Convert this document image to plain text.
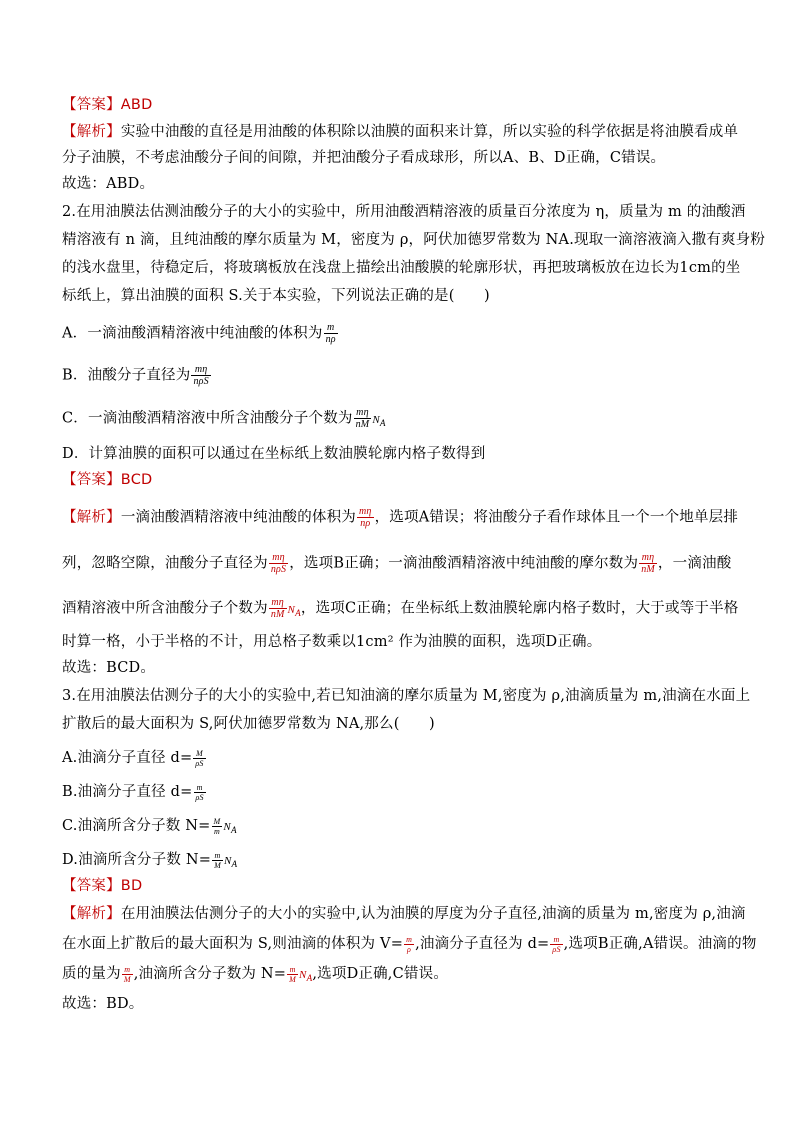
【答案】ABD
【解析】实验中油酸的直径是用油酸的体积除以油膜的面积来计算，所以实验的科学依据是将油膜看成单
分子油膜，不考虑油酸分子间的间隙，并把油酸分子看成球形，所以A、B、D正确，C错误。
故选：ABD。
2.在用油膜法估测油酸分子的大小的实验中，所用油酸酒精溶液的质量百分浓度为 η，质量为 m 的油酸酒
精溶液有 n 滴，且纯油酸的摩尔质量为 M，密度为 ρ，阿伏加德罗常数为 NA.现取一滴溶液滴入撒有爽身粉
的浅水盘里，待稳定后，将玻璃板放在浅盘上描绘出油酸膜的轮廓形状，再把玻璃板放在边长为1cm的坐
标纸上，算出油膜的面积 S.关于本实验，下列说法正确的是(　　)
A．一滴油酸酒精溶液中纯油酸的体积为 $\frac{m}{n\rho}$
B．油酸分子直径为 $\frac{m\eta}{\text{nρS}}$
C．一滴油酸酒精溶液中所含油酸分子个数为 $\frac{m\eta}{nM} N_A$
D．计算油膜的面积可以通过在坐标纸上数油膜轮廓内格子数得到
【答案】BCD
【解析】一滴油酸酒精溶液中纯油酸的体积为 $\frac{m\eta}{n\rho}$ ，选项A错误；将油酸分子看作球体且一个一个地单层排
列，忽略空隙，油酸分子直径为 $\frac{m\eta}{\text{nρS}}$ ，选项B正确；一滴油酸酒精溶液中纯油酸的摩尔数为 $\frac{m\eta}{nM}$ ，一滴油酸
酒精溶液中所含油酸分子个数为 $\frac{m\eta}{nM} N_A$，选项C正确；在坐标纸上数油膜轮廓内格子数时，大于或等于半格
时算一格，小于半格的不计，用总格子数乘以1cm² 作为油膜的面积，选项D正确。
故选：BCD。
3.在用油膜法估测分子的大小的实验中,若已知油滴的摩尔质量为 M,密度为 ρ,油滴质量为 m,油滴在水面上
扩散后的最大面积为 S,阿伏加德罗常数为 NA,那么(　　)
A.油滴分子直径 $d= \frac{M}{\rho S}$
B.油滴分子直径 $d= \frac{m}{\rho S}$
C.油滴所含分子数 $N= \frac{M}{m} N_A$
D.油滴所含分子数 $N= \frac{m}{M} N_A$
【答案】BD
【解析】在用油膜法估测分子的大小的实验中,认为油膜的厚度为分子直径,油滴的质量为 m,密度为 ρ,油滴
在水面上扩散后的最大面积为 S,则油滴的体积为 $V= \frac{m}{\rho}$ ,油滴分子直径为 $d= \frac{m}{\rho S}$ ,选项B正确,A错误。油滴的物
质的量为 $\frac{m}{M}$ ,油滴所含分子数为 $N= \frac{m}{M} N_A$,选项D正确,C错误。
故选：BD。
